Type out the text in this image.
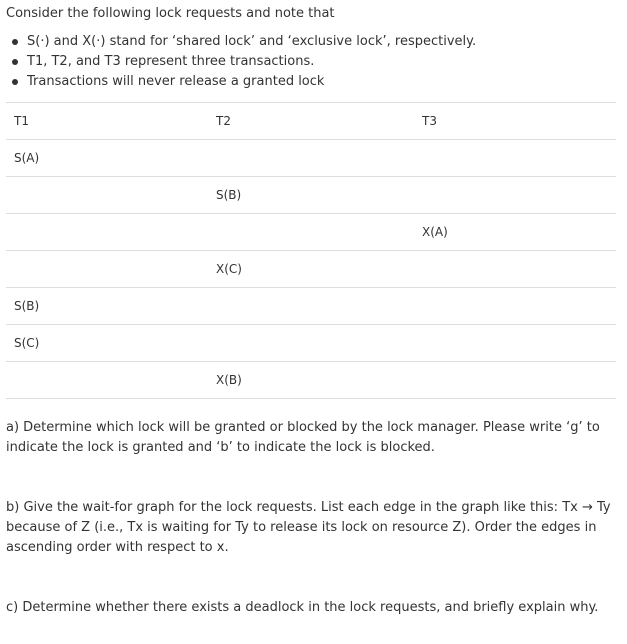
Consider the following lock requests and note that
S(·) and X(·) stand for ‘shared lock’ and ‘exclusive lock’, respectively.
T1, T2, and T3 represent three transactions.
Transactions will never release a granted lock
T1	T2	T3
S(A)		
	S(B)	
		X(A)
	X(C)	
S(B)		
S(C)		
	X(B)	

a) Determine which lock will be granted or blocked by the lock manager. Please write ‘g’ to indicate the lock is granted and ‘b’ to indicate the lock is blocked.

b) Give the wait-for graph for the lock requests. List each edge in the graph like this: Tx → Ty because of Z (i.e., Tx is waiting for Ty to release its lock on resource Z). Order the edges in ascending order with respect to x.

c) Determine whether there exists a deadlock in the lock requests, and briefly explain why.
